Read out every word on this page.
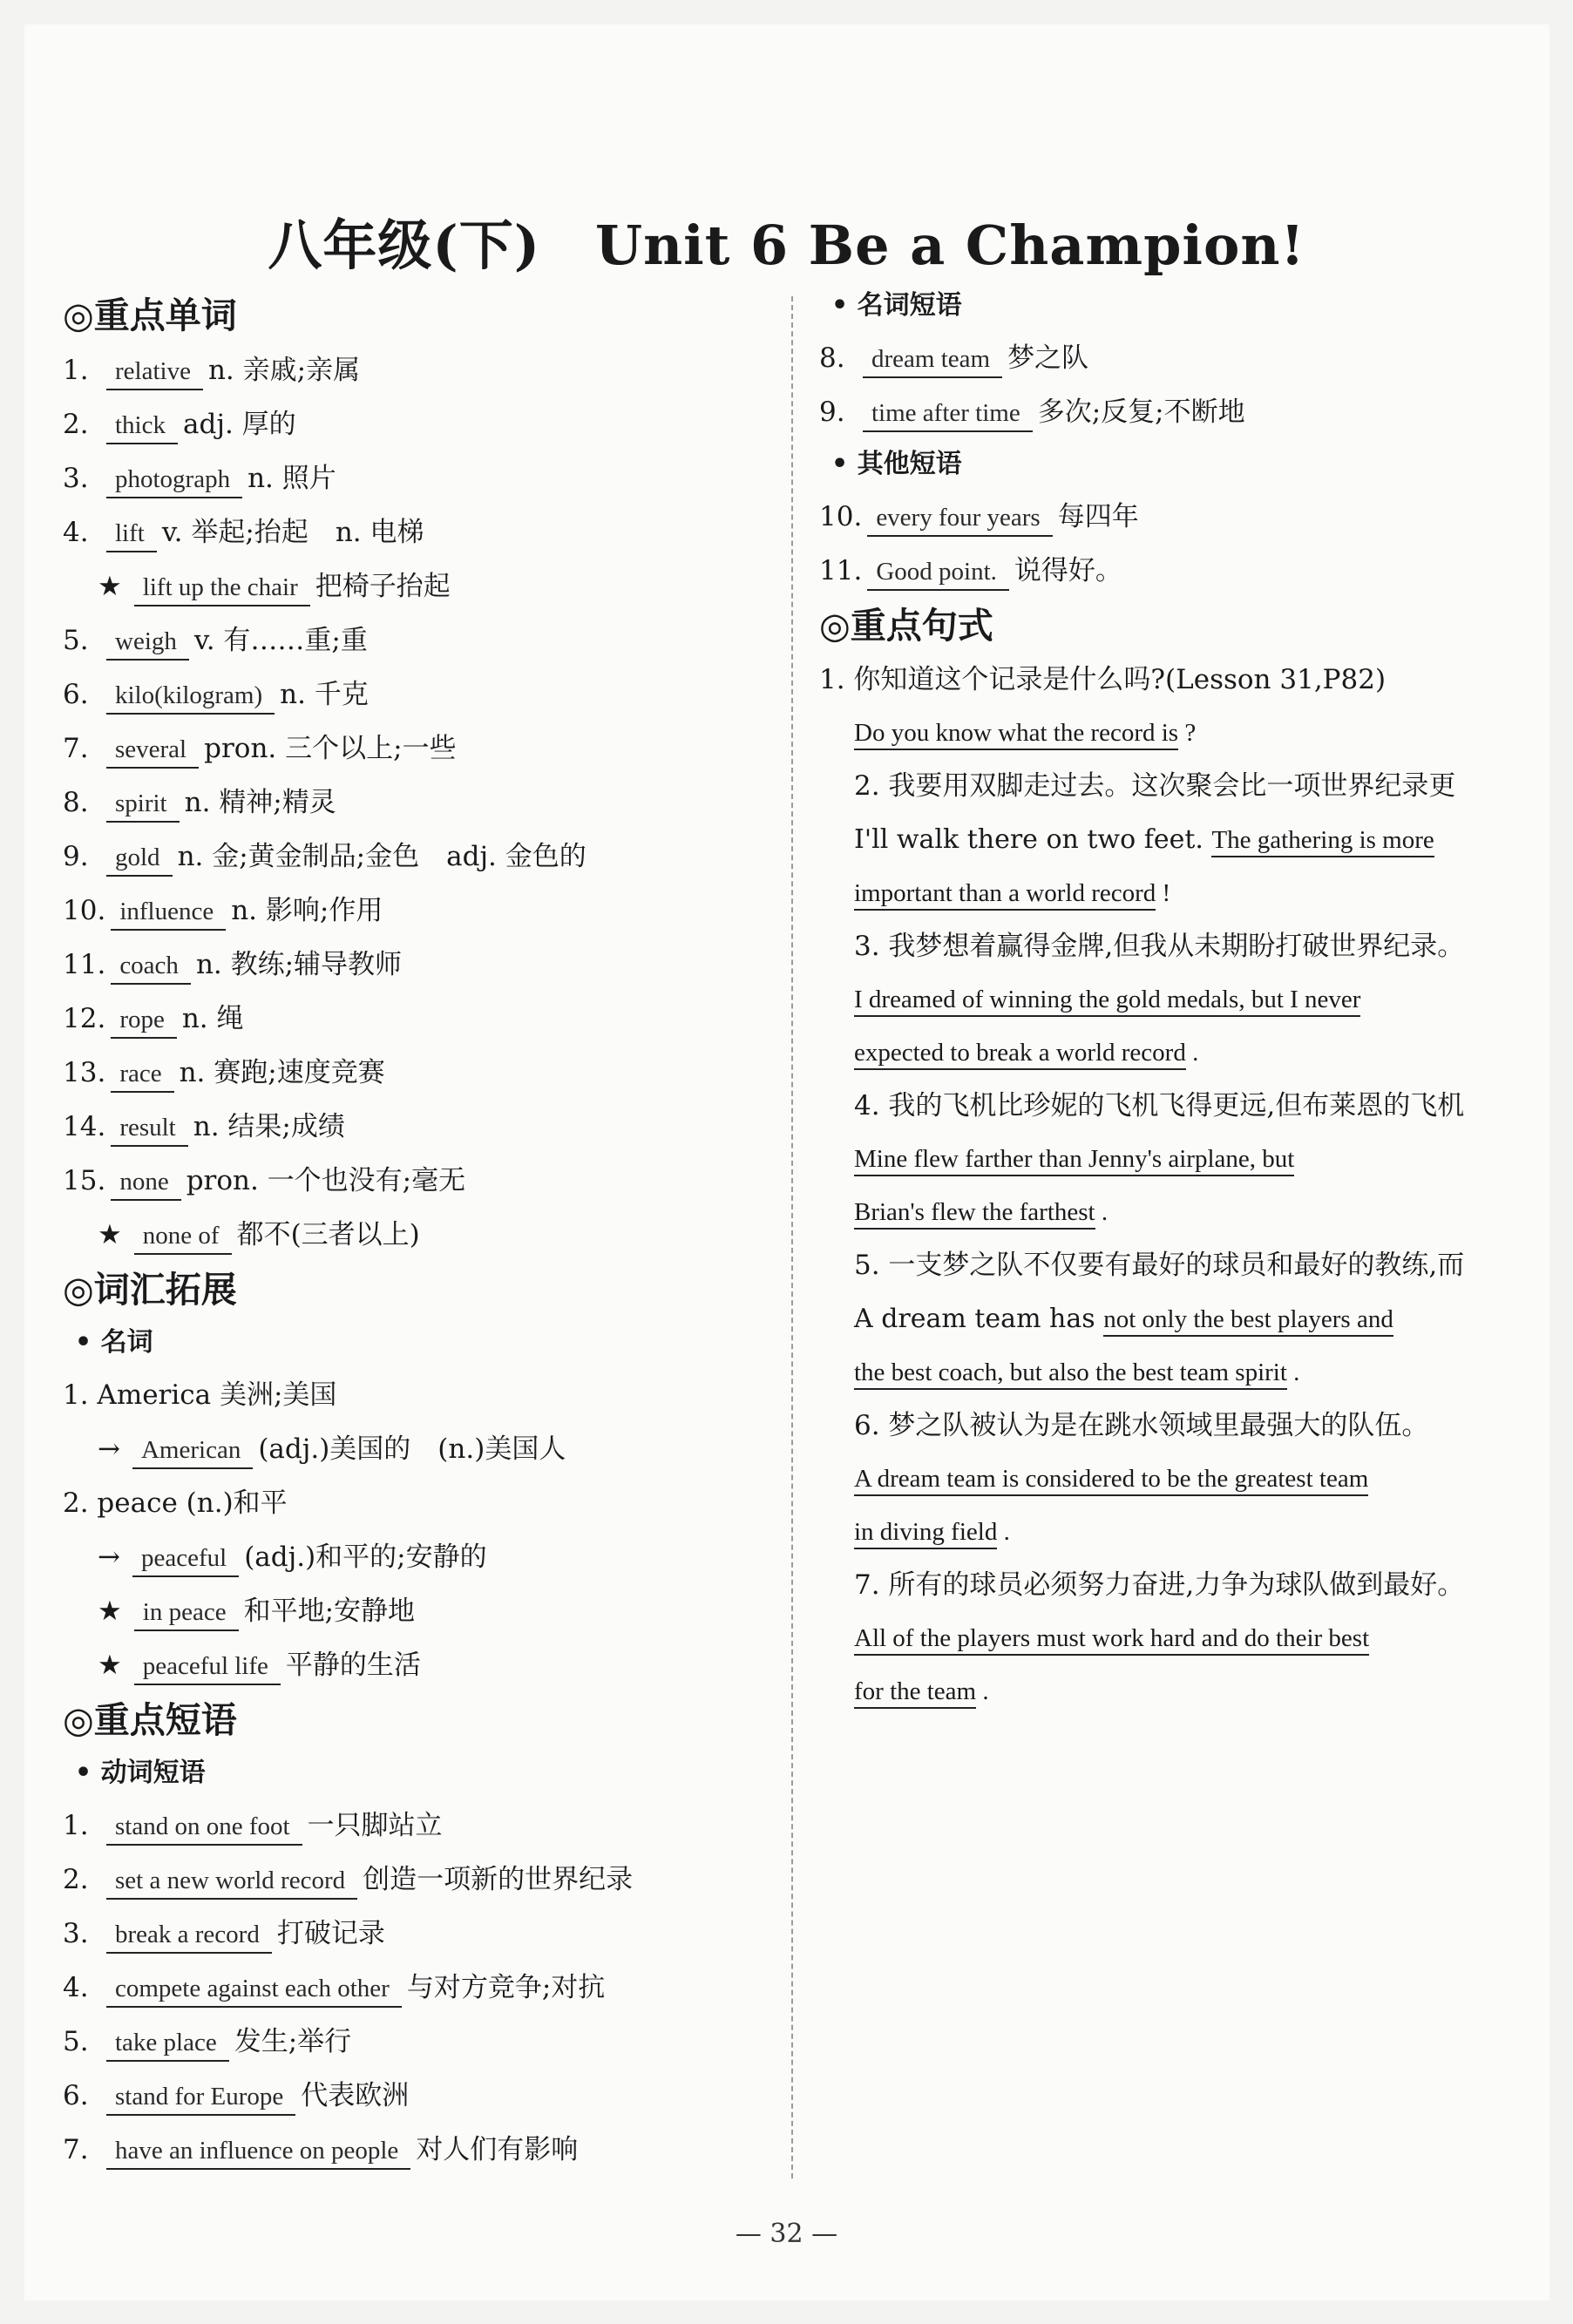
八年级(下)　Unit 6 Be a Champion!
◎重点单词
1. relative n. 亲戚;亲属
2. thick adj. 厚的
3. photograph n. 照片
4. lift v. 举起;抬起　n. 电梯
★ lift up the chair 把椅子抬起
5. weigh v. 有……重;重
6. kilo(kilogram) n. 千克
7. several pron. 三个以上;一些
8. spirit n. 精神;精灵
9. gold n. 金;黄金制品;金色　adj. 金色的
10. influence n. 影响;作用
11. coach n. 教练;辅导教师
12. rope n. 绳
13. race n. 赛跑;速度竞赛
14. result n. 结果;成绩
15. none pron. 一个也没有;毫无
★ none of 都不(三者以上)
◎词汇拓展
• 名词
1. America 美洲;美国
→ American (adj.)美国的　(n.)美国人
2. peace (n.)和平
→ peaceful (adj.)和平的;安静的
★ in peace 和平地;安静地
★ peaceful life 平静的生活
◎重点短语
• 动词短语
1. stand on one foot 一只脚站立
2. set a new world record 创造一项新的世界纪录
3. break a record 打破记录
4. compete against each other 与对方竞争;对抗
5. take place 发生;举行
6. stand for Europe 代表欧洲
7. have an influence on people 对人们有影响
• 名词短语
8. dream team 梦之队
9. time after time 多次;反复;不断地
• 其他短语
10. every four years 每四年
11. Good point. 说得好。
◎重点句式
1. 你知道这个记录是什么吗?(Lesson 31,P82)
Do you know what the record is ?
2. 我要用双脚走过去。这次聚会比一项世界纪录更
I'll walk there on two feet. The gathering is more
important than a world record !
3. 我梦想着赢得金牌,但我从未期盼打破世界纪录。
I dreamed of winning the gold medals, but I never
expected to break a world record .
4. 我的飞机比珍妮的飞机飞得更远,但布莱恩的飞机
Mine flew farther than Jenny's airplane, but
Brian's flew the farthest .
5. 一支梦之队不仅要有最好的球员和最好的教练,而
A dream team has not only the best players and
the best coach, but also the best team spirit .
6. 梦之队被认为是在跳水领域里最强大的队伍。
A dream team is considered to be the greatest team
in diving field .
7. 所有的球员必须努力奋进,力争为球队做到最好。
All of the players must work hard and do their best
for the team .
— 32 —
